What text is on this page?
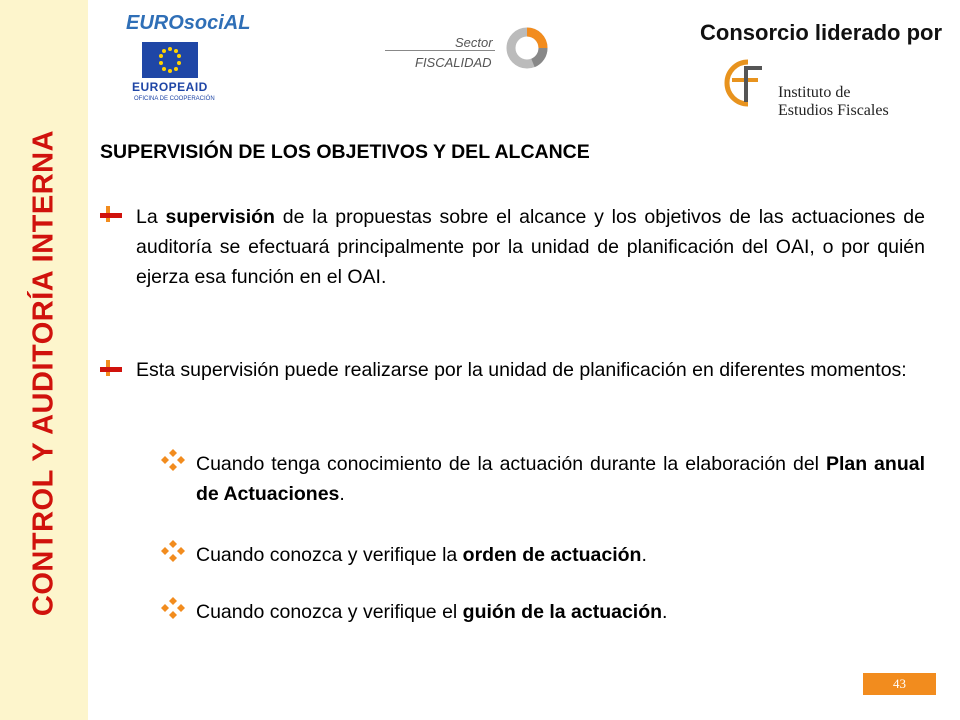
CONTROL Y AUDITORÍA INTERNA
EUROsociAL
EUROPEAID
OFICINA DE COOPERACIÓN
Sector
FISCALIDAD
Consorcio liderado por
Instituto de
Estudios Fiscales
SUPERVISIÓN DE LOS OBJETIVOS Y DEL ALCANCE
La supervisión de la propuestas sobre el alcance y los objetivos de las actuaciones de auditoría se efectuará principalmente por la unidad de planificación del OAI, o por quién ejerza esa función en el OAI.
Esta supervisión puede realizarse por la unidad de planificación en diferentes momentos:
Cuando tenga conocimiento de la actuación durante la elaboración del Plan anual de Actuaciones.
Cuando conozca y verifique la orden de actuación.
Cuando conozca y verifique el guión de la actuación.
43
